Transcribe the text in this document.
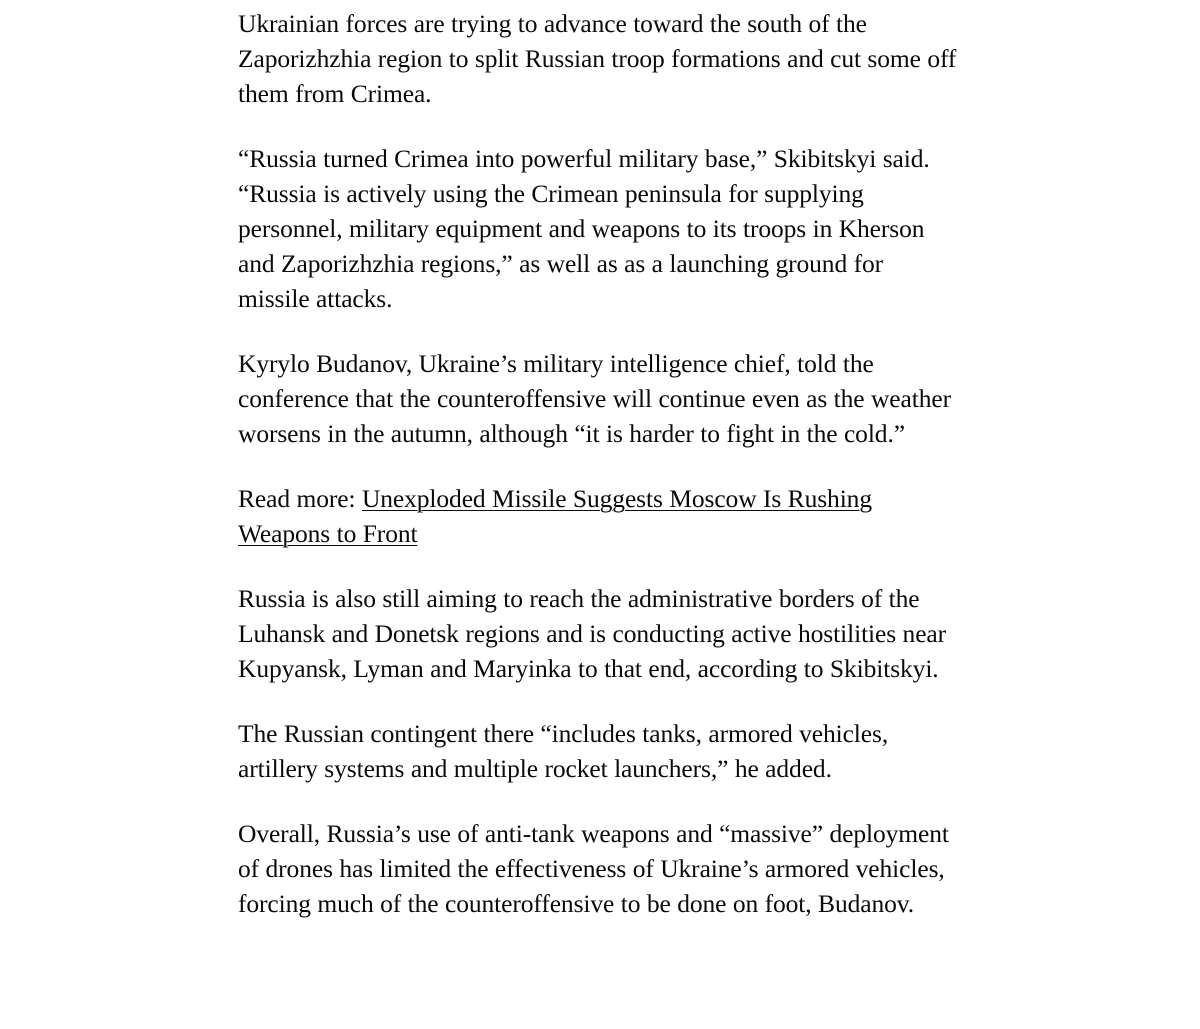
Ukrainian forces are trying to advance toward the south of the Zaporizhzhia region to split Russian troop formations and cut some off them from Crimea.

“Russia turned Crimea into powerful military base,” Skibitskyi said. “Russia is actively using the Crimean peninsula for supplying personnel, military equipment and weapons to its troops in Kherson and Zaporizhzhia regions,” as well as as a launching ground for missile attacks.

Kyrylo Budanov, Ukraine’s military intelligence chief, told the conference that the counteroffensive will continue even as the weather worsens in the autumn, although “it is harder to fight in the cold.”

Read more: Unexploded Missile Suggests Moscow Is Rushing Weapons to Front

Russia is also still aiming to reach the administrative borders of the Luhansk and Donetsk regions and is conducting active hostilities near Kupyansk, Lyman and Maryinka to that end, according to Skibitskyi.

The Russian contingent there “includes tanks, armored vehicles, artillery systems and multiple rocket launchers,” he added.

Overall, Russia’s use of anti-tank weapons and “massive” deployment of drones has limited the effectiveness of Ukraine’s armored vehicles, forcing much of the counteroffensive to be done on foot, Budanov.
